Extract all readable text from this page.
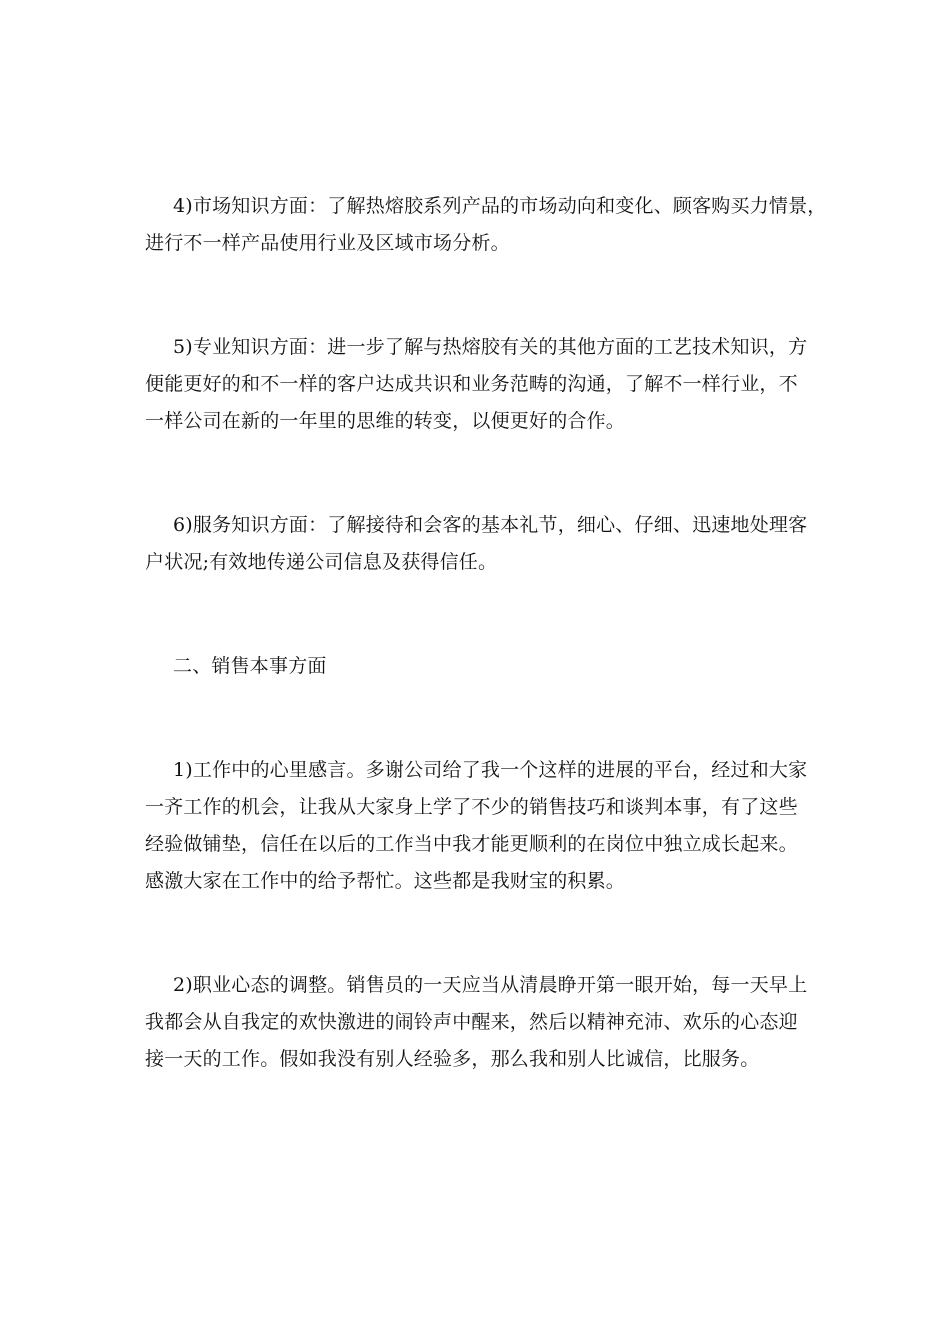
4)市场知识方面：了解热熔胶系列产品的市场动向和变化、顾客购买力情景，
进行不一样产品使用行业及区域市场分析。
5)专业知识方面：进一步了解与热熔胶有关的其他方面的工艺技术知识，方
便能更好的和不一样的客户达成共识和业务范畴的沟通，了解不一样行业，不
一样公司在新的一年里的思维的转变，以便更好的合作。
6)服务知识方面：了解接待和会客的基本礼节，细心、仔细、迅速地处理客
户状况;有效地传递公司信息及获得信任。
二、销售本事方面
1)工作中的心里感言。多谢公司给了我一个这样的进展的平台，经过和大家
一齐工作的机会，让我从大家身上学了不少的销售技巧和谈判本事，有了这些
经验做铺垫，信任在以后的工作当中我才能更顺利的在岗位中独立成长起来。
感激大家在工作中的给予帮忙。这些都是我财宝的积累。
2)职业心态的调整。销售员的一天应当从清晨睁开第一眼开始，每一天早上
我都会从自我定的欢快激进的闹铃声中醒来，然后以精神充沛、欢乐的心态迎
接一天的工作。假如我没有别人经验多，那么我和别人比诚信，比服务。
